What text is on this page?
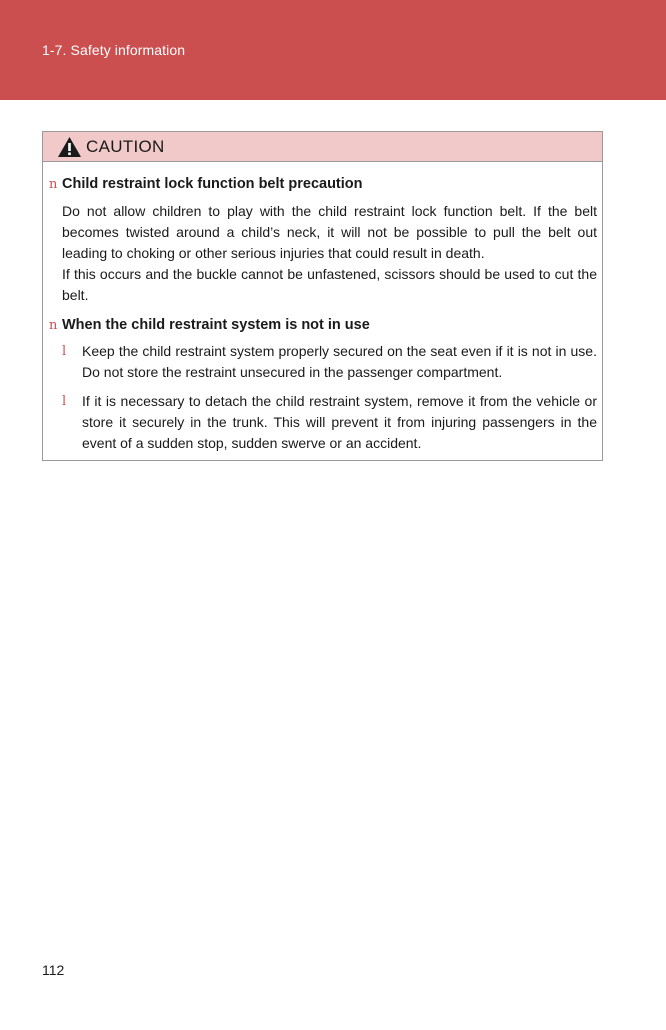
1-7. Safety information
CAUTION
n Child restraint lock function belt precaution

Do not allow children to play with the child restraint lock function belt. If the belt becomes twisted around a child’s neck, it will not be possible to pull the belt out leading to choking or other serious injuries that could result in death.

If this occurs and the buckle cannot be unfastened, scissors should be used to cut the belt.

n When the child restraint system is not in use
l	Keep the child restraint system properly secured on the seat even if it is not in use. Do not store the restraint unsecured in the passenger compartment.
l	If it is necessary to detach the child restraint system, remove it from the vehicle or store it securely in the trunk. This will prevent it from injuring passengers in the event of a sudden stop, sudden swerve or an accident.
112
